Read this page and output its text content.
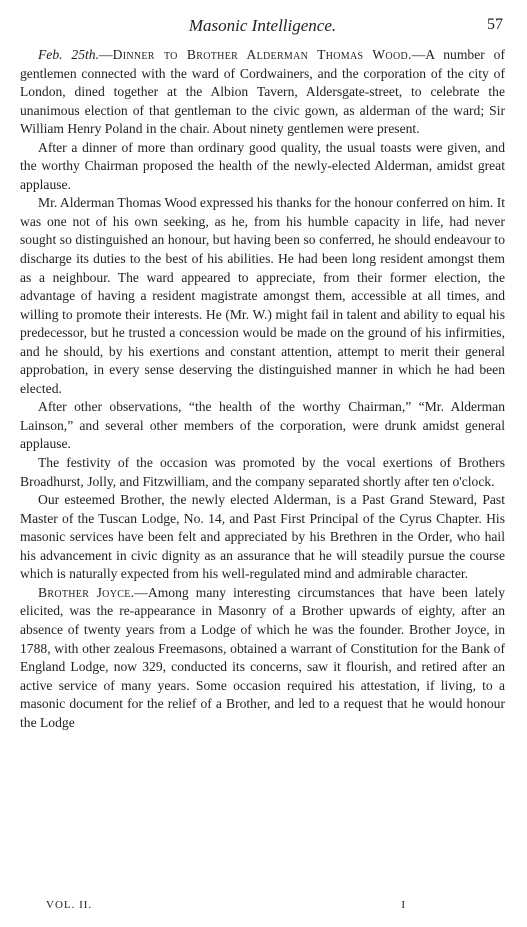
Masonic Intelligence.	57

Feb. 25th.—Dinner to Brother Alderman Thomas Wood.—A number of gentlemen connected with the ward of Cordwainers, and the corporation of the city of London, dined together at the Albion Tavern, Aldersgate-street, to celebrate the unanimous election of that gentleman to the civic gown, as alderman of the ward; Sir William Henry Poland in the chair. About ninety gentlemen were present.

After a dinner of more than ordinary good quality, the usual toasts were given, and the worthy Chairman proposed the health of the newly-elected Alderman, amidst great applause.

Mr. Alderman Thomas Wood expressed his thanks for the honour conferred on him. It was one not of his own seeking, as he, from his humble capacity in life, had never sought so distinguished an honour, but having been so conferred, he should endeavour to discharge its duties to the best of his abilities. He had been long resident amongst them as a neighbour. The ward appeared to appreciate, from their former election, the advantage of having a resident magistrate amongst them, accessible at all times, and willing to promote their interests. He (Mr. W.) might fail in talent and ability to equal his predecessor, but he trusted a concession would be made on the ground of his infirmities, and he should, by his exertions and constant attention, attempt to merit their general approbation, in every sense deserving the distinguished manner in which he had been elected.

After other observations, “the health of the worthy Chairman,” “Mr. Alderman Lainson,” and several other members of the corporation, were drunk amidst general applause.

The festivity of the occasion was promoted by the vocal exertions of Brothers Broadhurst, Jolly, and Fitzwilliam, and the company separated shortly after ten o'clock.

Our esteemed Brother, the newly elected Alderman, is a Past Grand Steward, Past Master of the Tuscan Lodge, No. 14, and Past First Principal of the Cyrus Chapter. His masonic services have been felt and appreciated by his Brethren in the Order, who hail his advancement in civic dignity as an assurance that he will steadily pursue the course which is naturally expected from his well-regulated mind and admirable character.

Brother Joyce.—Among many interesting circumstances that have been lately elicited, was the re-appearance in Masonry of a Brother upwards of eighty, after an absence of twenty years from a Lodge of which he was the founder. Brother Joyce, in 1788, with other zealous Freemasons, obtained a warrant of Constitution for the Bank of England Lodge, now 329, conducted its concerns, saw it flourish, and retired after an active service of many years. Some occasion required his attestation, if living, to a masonic document for the relief of a Brother, and led to a request that he would honour the Lodge

VOL. II.	I
